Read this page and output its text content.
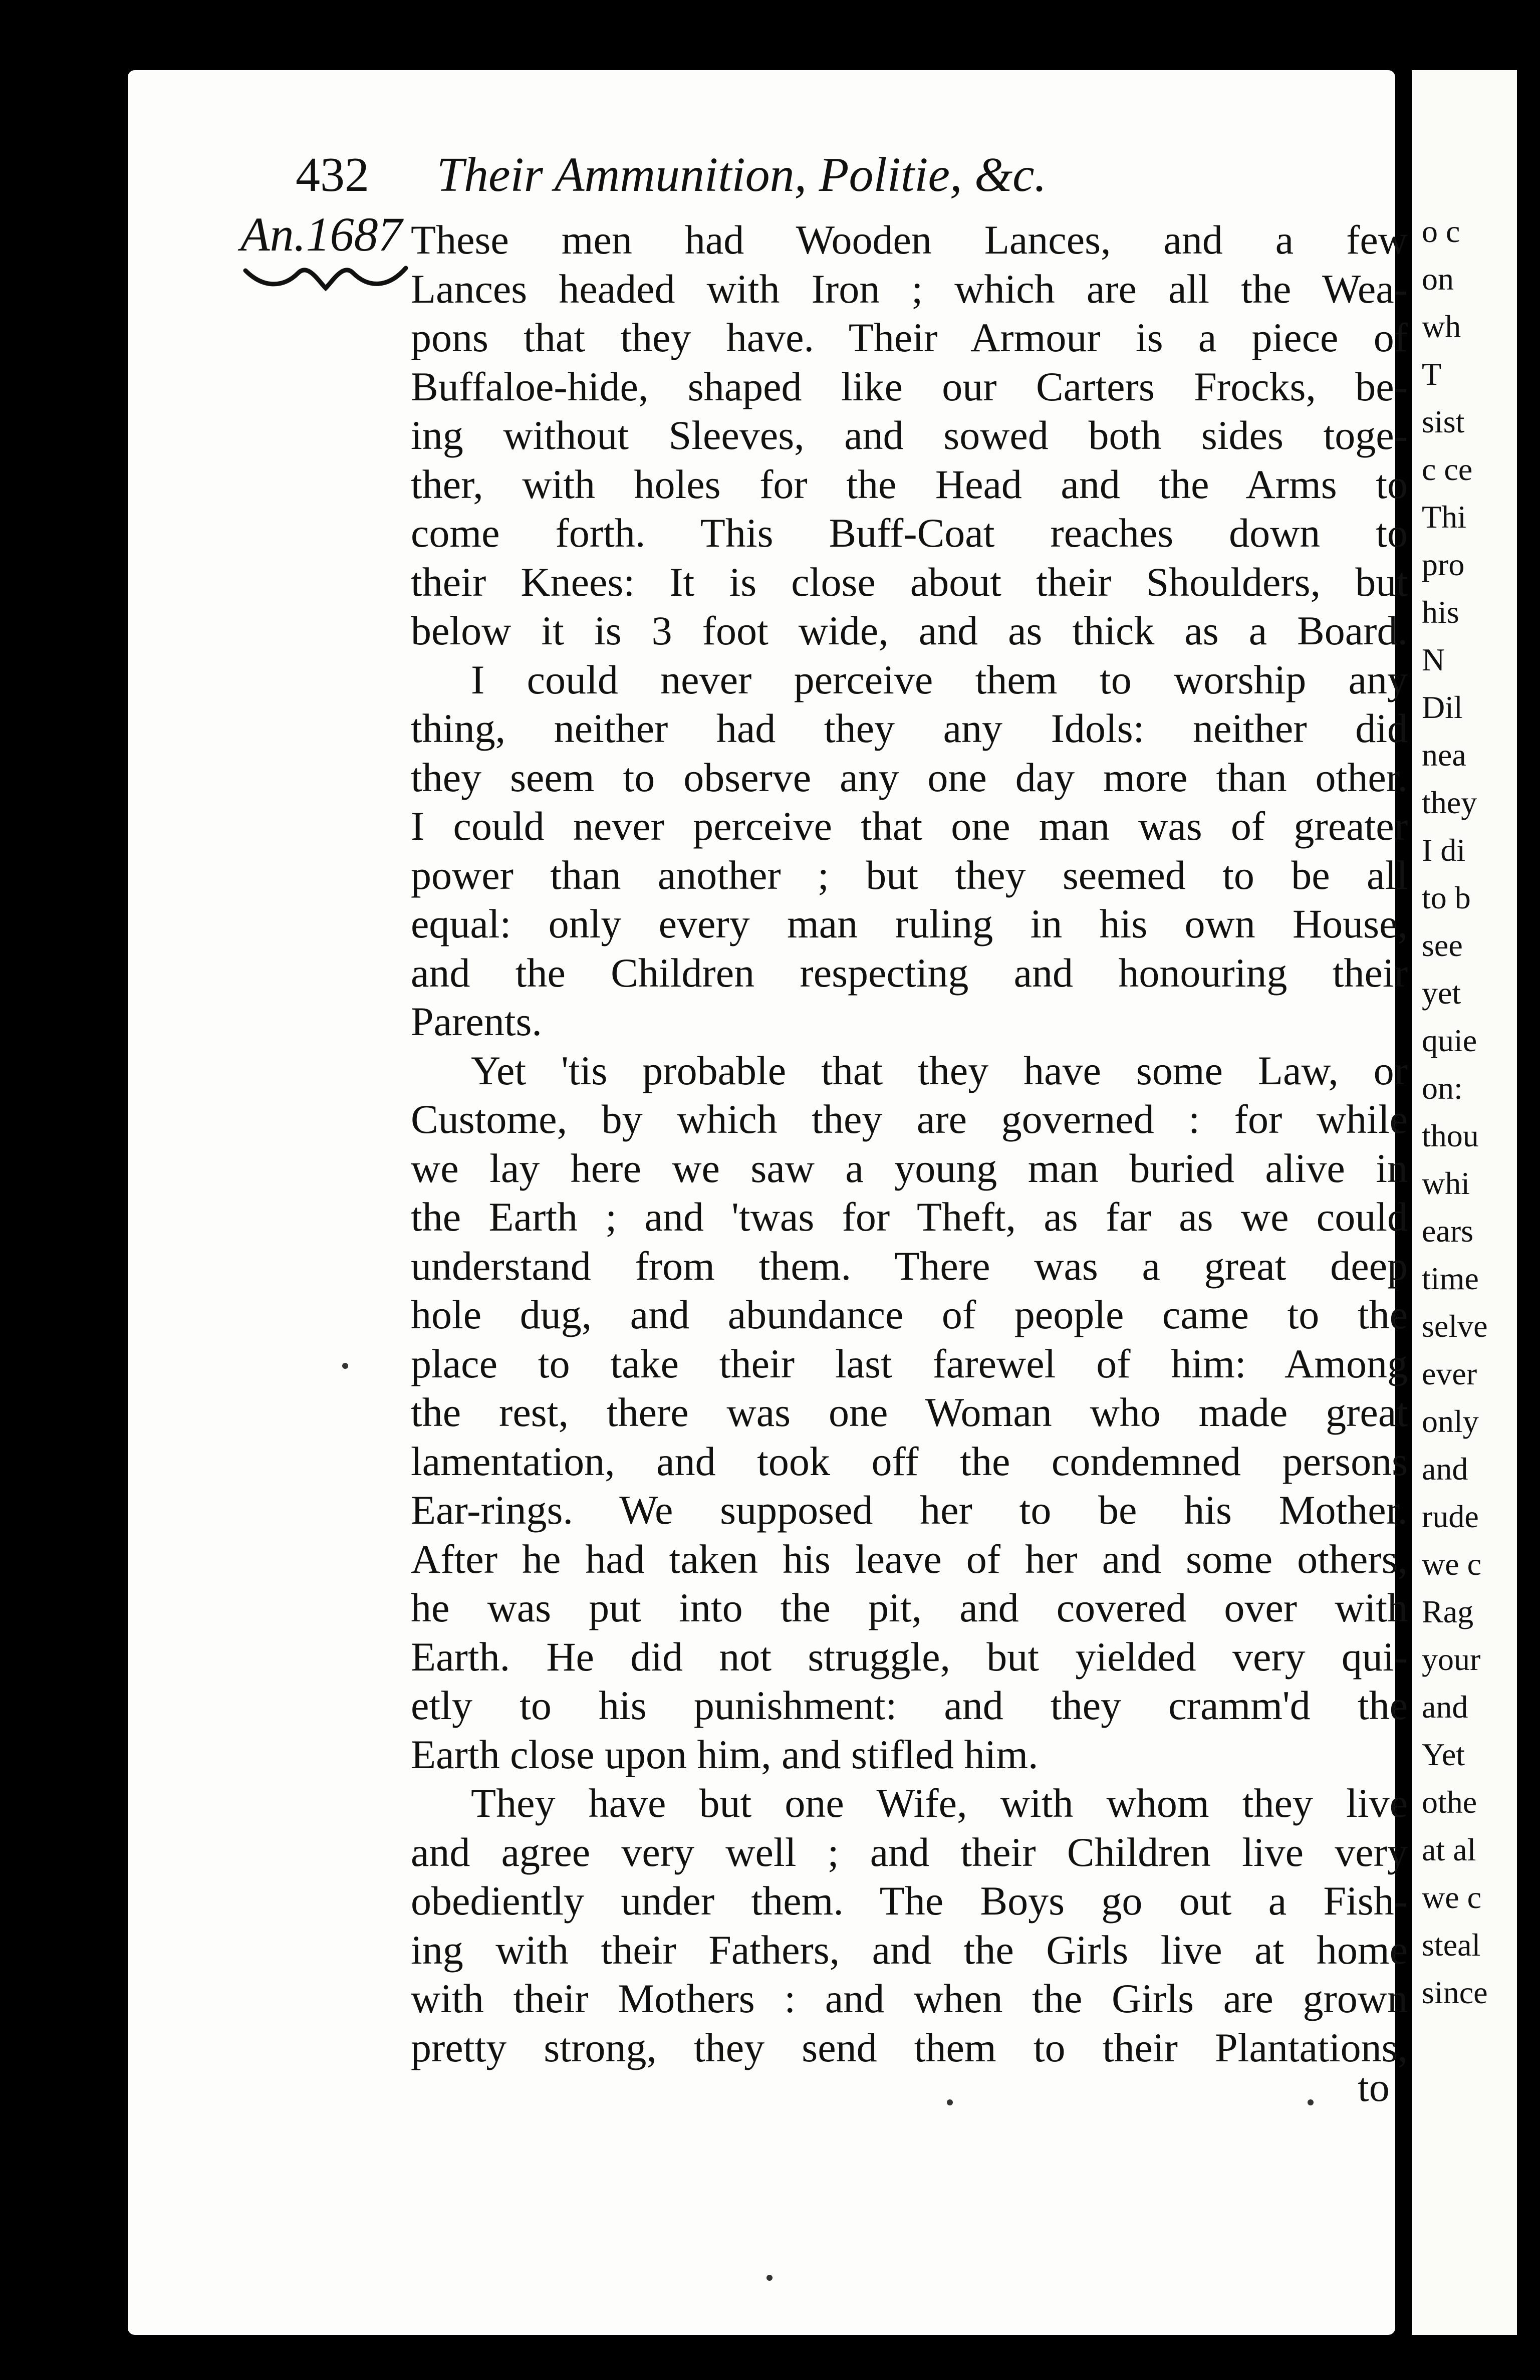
o c
on
wh
T
sist
c ce
Thi
pro
his
N
Dil
nea
they
I di
to b
see
yet
quie
on:
thou
whi
ears
time
selve
ever
only
and
rude
we c
Rag
your
and
Yet
othe
at al
we c
steal
since
432 Their Ammunition, Politie, &c.
An.1687 These men had Wooden Lances, and a few
Lances headed with Iron ; which are all the Wea-
pons that they have. Their Armour is a piece of
Buffaloe-hide, shaped like our Carters Frocks, be-
ing without Sleeves, and sowed both sides toge-
ther, with holes for the Head and the Arms to
come forth. This Buff-Coat reaches down to
their Knees: It is close about their Shoulders, but
below it is 3 foot wide, and as thick as a Board.
I could never perceive them to worship any
thing, neither had they any Idols: neither did
they seem to observe any one day more than other.
I could never perceive that one man was of greater
power than another ; but they seemed to be all
equal: only every man ruling in his own House,
and the Children respecting and honouring their
Parents.
Yet 'tis probable that they have some Law, or
Custome, by which they are governed : for while
we lay here we saw a young man buried alive in
the Earth ; and 'twas for Theft, as far as we could
understand from them. There was a great deep
hole dug, and abundance of people came to the
place to take their last farewel of him: Among
the rest, there was one Woman who made great
lamentation, and took off the condemned persons
Ear-rings. We supposed her to be his Mother.
After he had taken his leave of her and some others,
he was put into the pit, and covered over with
Earth. He did not struggle, but yielded very qui-
etly to his punishment: and they cramm'd the
Earth close upon him, and stifled him.
They have but one Wife, with whom they live
and agree very well ; and their Children live very
obediently under them. The Boys go out a Fish-
ing with their Fathers, and the Girls live at home
with their Mothers : and when the Girls are grown
pretty strong, they send them to their Plantations,
to
